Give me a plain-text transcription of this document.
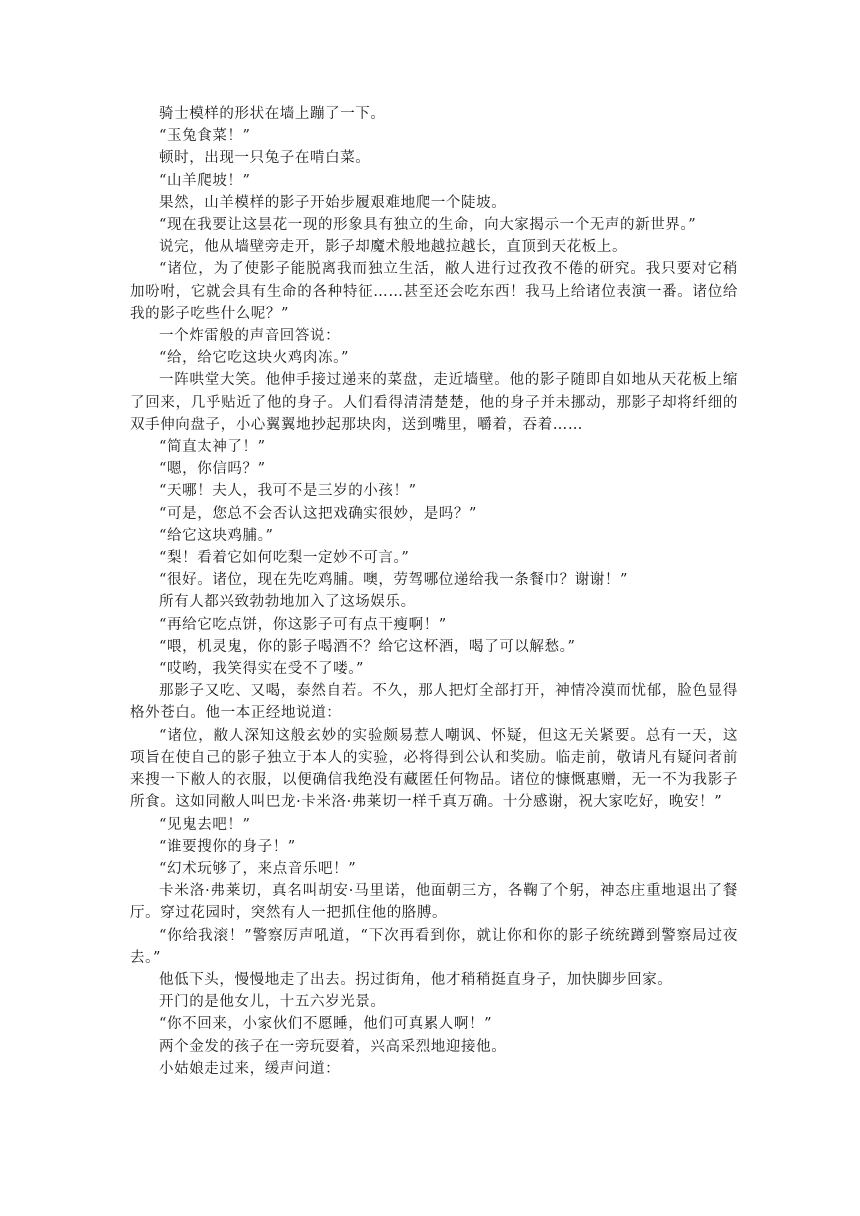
骑士模样的形状在墙上蹦了一下。

“玉兔食菜！”

顿时，出现一只兔子在啃白菜。

“山羊爬坡！”

果然，山羊模样的影子开始步履艰难地爬一个陡坡。

“现在我要让这昙花一现的形象具有独立的生命，向大家揭示一个无声的新世界。”

说完，他从墙壁旁走开，影子却魔术般地越拉越长，直顶到天花板上。

“诸位，为了使影子能脱离我而独立生活，敝人进行过孜孜不倦的研究。我只要对它稍加吩咐，它就会具有生命的各种特征……甚至还会吃东西！我马上给诸位表演一番。诸位给我的影子吃些什么呢？”

一个炸雷般的声音回答说：

“给，给它吃这块火鸡肉冻。”

一阵哄堂大笑。他伸手接过递来的菜盘，走近墙壁。他的影子随即自如地从天花板上缩了回来，几乎贴近了他的身子。人们看得清清楚楚，他的身子并未挪动，那影子却将纤细的双手伸向盘子，小心翼翼地抄起那块肉，送到嘴里，嚼着，吞着……

“简直太神了！”

“嗯，你信吗？”

“天哪！夫人，我可不是三岁的小孩！”

“可是，您总不会否认这把戏确实很妙，是吗？”

“给它这块鸡脯。”

“梨！看着它如何吃梨一定妙不可言。”

“很好。诸位，现在先吃鸡脯。噢，劳驾哪位递给我一条餐巾？谢谢！”

所有人都兴致勃勃地加入了这场娱乐。

“再给它吃点饼，你这影子可有点干瘦啊！”

“喂，机灵鬼，你的影子喝酒不？给它这杯酒，喝了可以解愁。”

“哎哟，我笑得实在受不了喽。”

那影子又吃、又喝，泰然自若。不久，那人把灯全部打开，神情冷漠而忧郁，脸色显得格外苍白。他一本正经地说道：

“诸位，敝人深知这般玄妙的实验颇易惹人嘲讽、怀疑，但这无关紧要。总有一天，这项旨在使自己的影子独立于本人的实验，必将得到公认和奖励。临走前，敬请凡有疑问者前来搜一下敝人的衣服，以便确信我绝没有藏匿任何物品。诸位的慷慨惠赠，无一不为我影子所食。这如同敝人叫巴龙·卡米洛·弗莱切一样千真万确。十分感谢，祝大家吃好，晚安！”

“见鬼去吧！”

“谁要搜你的身子！”

“幻术玩够了，来点音乐吧！”

卡米洛·弗莱切，真名叫胡安·马里诺，他面朝三方，各鞠了个躬，神态庄重地退出了餐厅。穿过花园时，突然有人一把抓住他的胳膊。

“你给我滚！”警察厉声吼道，“下次再看到你，就让你和你的影子统统蹲到警察局过夜去。”

他低下头，慢慢地走了出去。拐过街角，他才稍稍挺直身子，加快脚步回家。

开门的是他女儿，十五六岁光景。

“你不回来，小家伙们不愿睡，他们可真累人啊！”

两个金发的孩子在一旁玩耍着，兴高采烈地迎接他。

小姑娘走过来，缓声问道：
